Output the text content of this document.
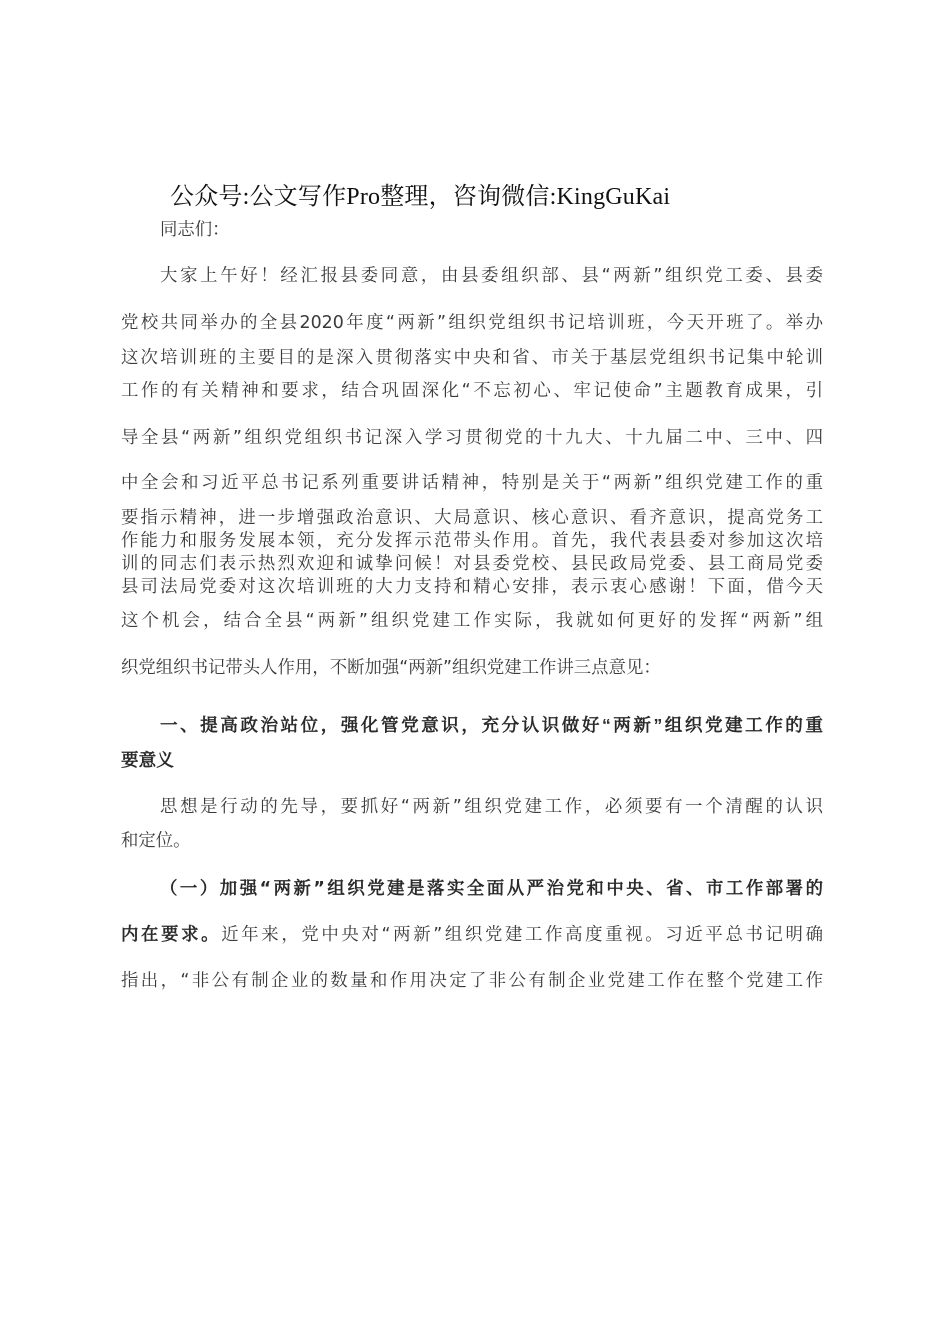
公众号:公文写作Pro整理，咨询微信:KingGuKai
同志们：
大家上午好！经汇报县委同意，由县委组织部、县“两新”组织党工委、县委
党校共同举办的全县2020年度“两新”组织党组织书记培训班，今天开班了。举办
这次培训班的主要目的是深入贯彻落实中央和省、市关于基层党组织书记集中轮训
工作的有关精神和要求，结合巩固深化“不忘初心、牢记使命”主题教育成果，引
导全县“两新”组织党组织书记深入学习贯彻党的十九大、十九届二中、三中、四
中全会和习近平总书记系列重要讲话精神，特别是关于“两新”组织党建工作的重
要指示精神，进一步增强政治意识、大局意识、核心意识、看齐意识，提高党务工
作能力和服务发展本领，充分发挥示范带头作用。首先，我代表县委对参加这次培
训的同志们表示热烈欢迎和诚挚问候！对县委党校、县民政局党委、县工商局党委
县司法局党委对这次培训班的大力支持和精心安排，表示衷心感谢！下面，借今天
这个机会，结合全县“两新”组织党建工作实际，我就如何更好的发挥“两新”组
织党组织书记带头人作用，不断加强“两新”组织党建工作讲三点意见：
一、提高政治站位，强化管党意识，充分认识做好“两新”组织党建工作的重
要意义
思想是行动的先导，要抓好“两新”组织党建工作，必须要有一个清醒的认识
和定位。
（一）加强“两新”组织党建是落实全面从严治党和中央、省、市工作部署的
内在要求。近年来，党中央对“两新”组织党建工作高度重视。习近平总书记明确
指出，“非公有制企业的数量和作用决定了非公有制企业党建工作在整个党建工作
